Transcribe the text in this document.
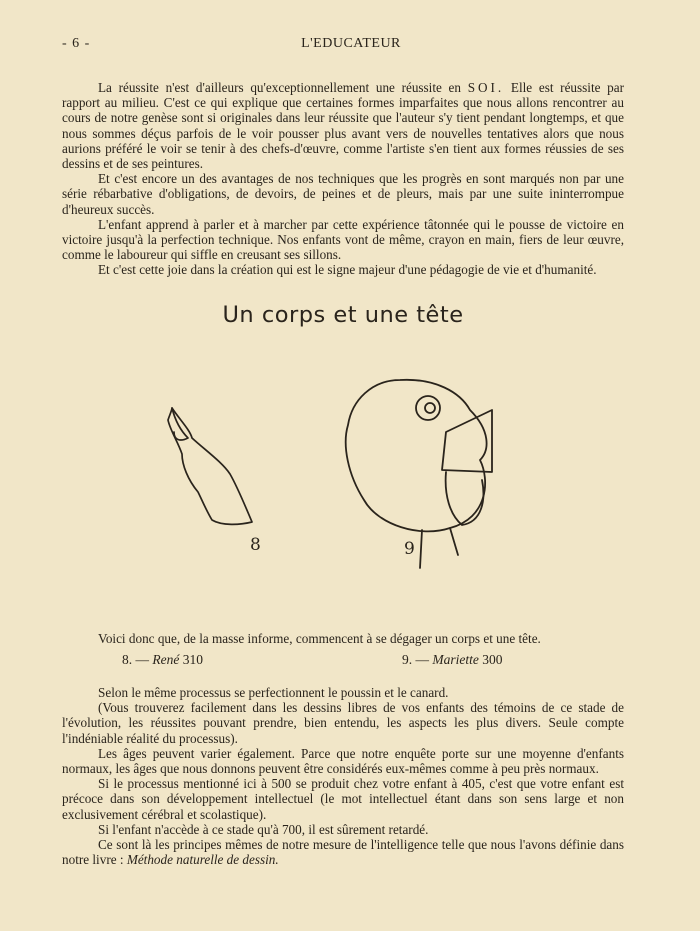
- 6 -	L'EDUCATEUR

La réussite n'est d'ailleurs qu'exceptionnellement une réussite en SOI. Elle est réussite par rapport au milieu. C'est ce qui explique que certaines formes imparfaites que nous allons rencontrer au cours de notre genèse sont si originales dans leur réussite que l'auteur s'y tient pendant longtemps, et que nous sommes déçus parfois de le voir pousser plus avant vers de nouvelles tentatives alors que nous aurions préféré le voir se tenir à des chefs-d'œuvre, comme l'artiste s'en tient aux formes réussies de ses dessins et de ses peintures.

Et c'est encore un des avantages de nos techniques que les progrès en sont marqués non par une série rébarbative d'obligations, de devoirs, de peines et de pleurs, mais par une suite ininterrompue d'heureux succès.

L'enfant apprend à parler et à marcher par cette expérience tâtonnée qui le pousse de victoire en victoire jusqu'à la perfection technique. Nos enfants vont de même, crayon en main, fiers de leur œuvre, comme le laboureur qui siffle en creusant ses sillons.

Et c'est cette joie dans la création qui est le signe majeur d'une pédagogie de vie et d'humanité.

Un corps et une tête
8	9

Voici donc que, de la masse informe, commencent à se dégager un corps et une tête.

8. — René 310	9. — Mariette 300

Selon le même processus se perfectionnent le poussin et le canard.

(Vous trouverez facilement dans les dessins libres de vos enfants des témoins de ce stade de l'évolution, les réussites pouvant prendre, bien entendu, les aspects les plus divers. Seule compte l'indéniable réalité du processus).

Les âges peuvent varier également. Parce que notre enquête porte sur une moyenne d'enfants normaux, les âges que nous donnons peuvent être considérés eux-mêmes comme à peu près normaux.

Si le processus mentionné ici à 500 se produit chez votre enfant à 405, c'est que votre enfant est précoce dans son développement intellectuel (le mot intellectuel étant dans son sens large et non exclusivement cérébral et scolastique).

Si l'enfant n'accède à ce stade qu'à 700, il est sûrement retardé.

Ce sont là les principes mêmes de notre mesure de l'intelligence telle que nous l'avons définie dans notre livre : Méthode naturelle de dessin.
